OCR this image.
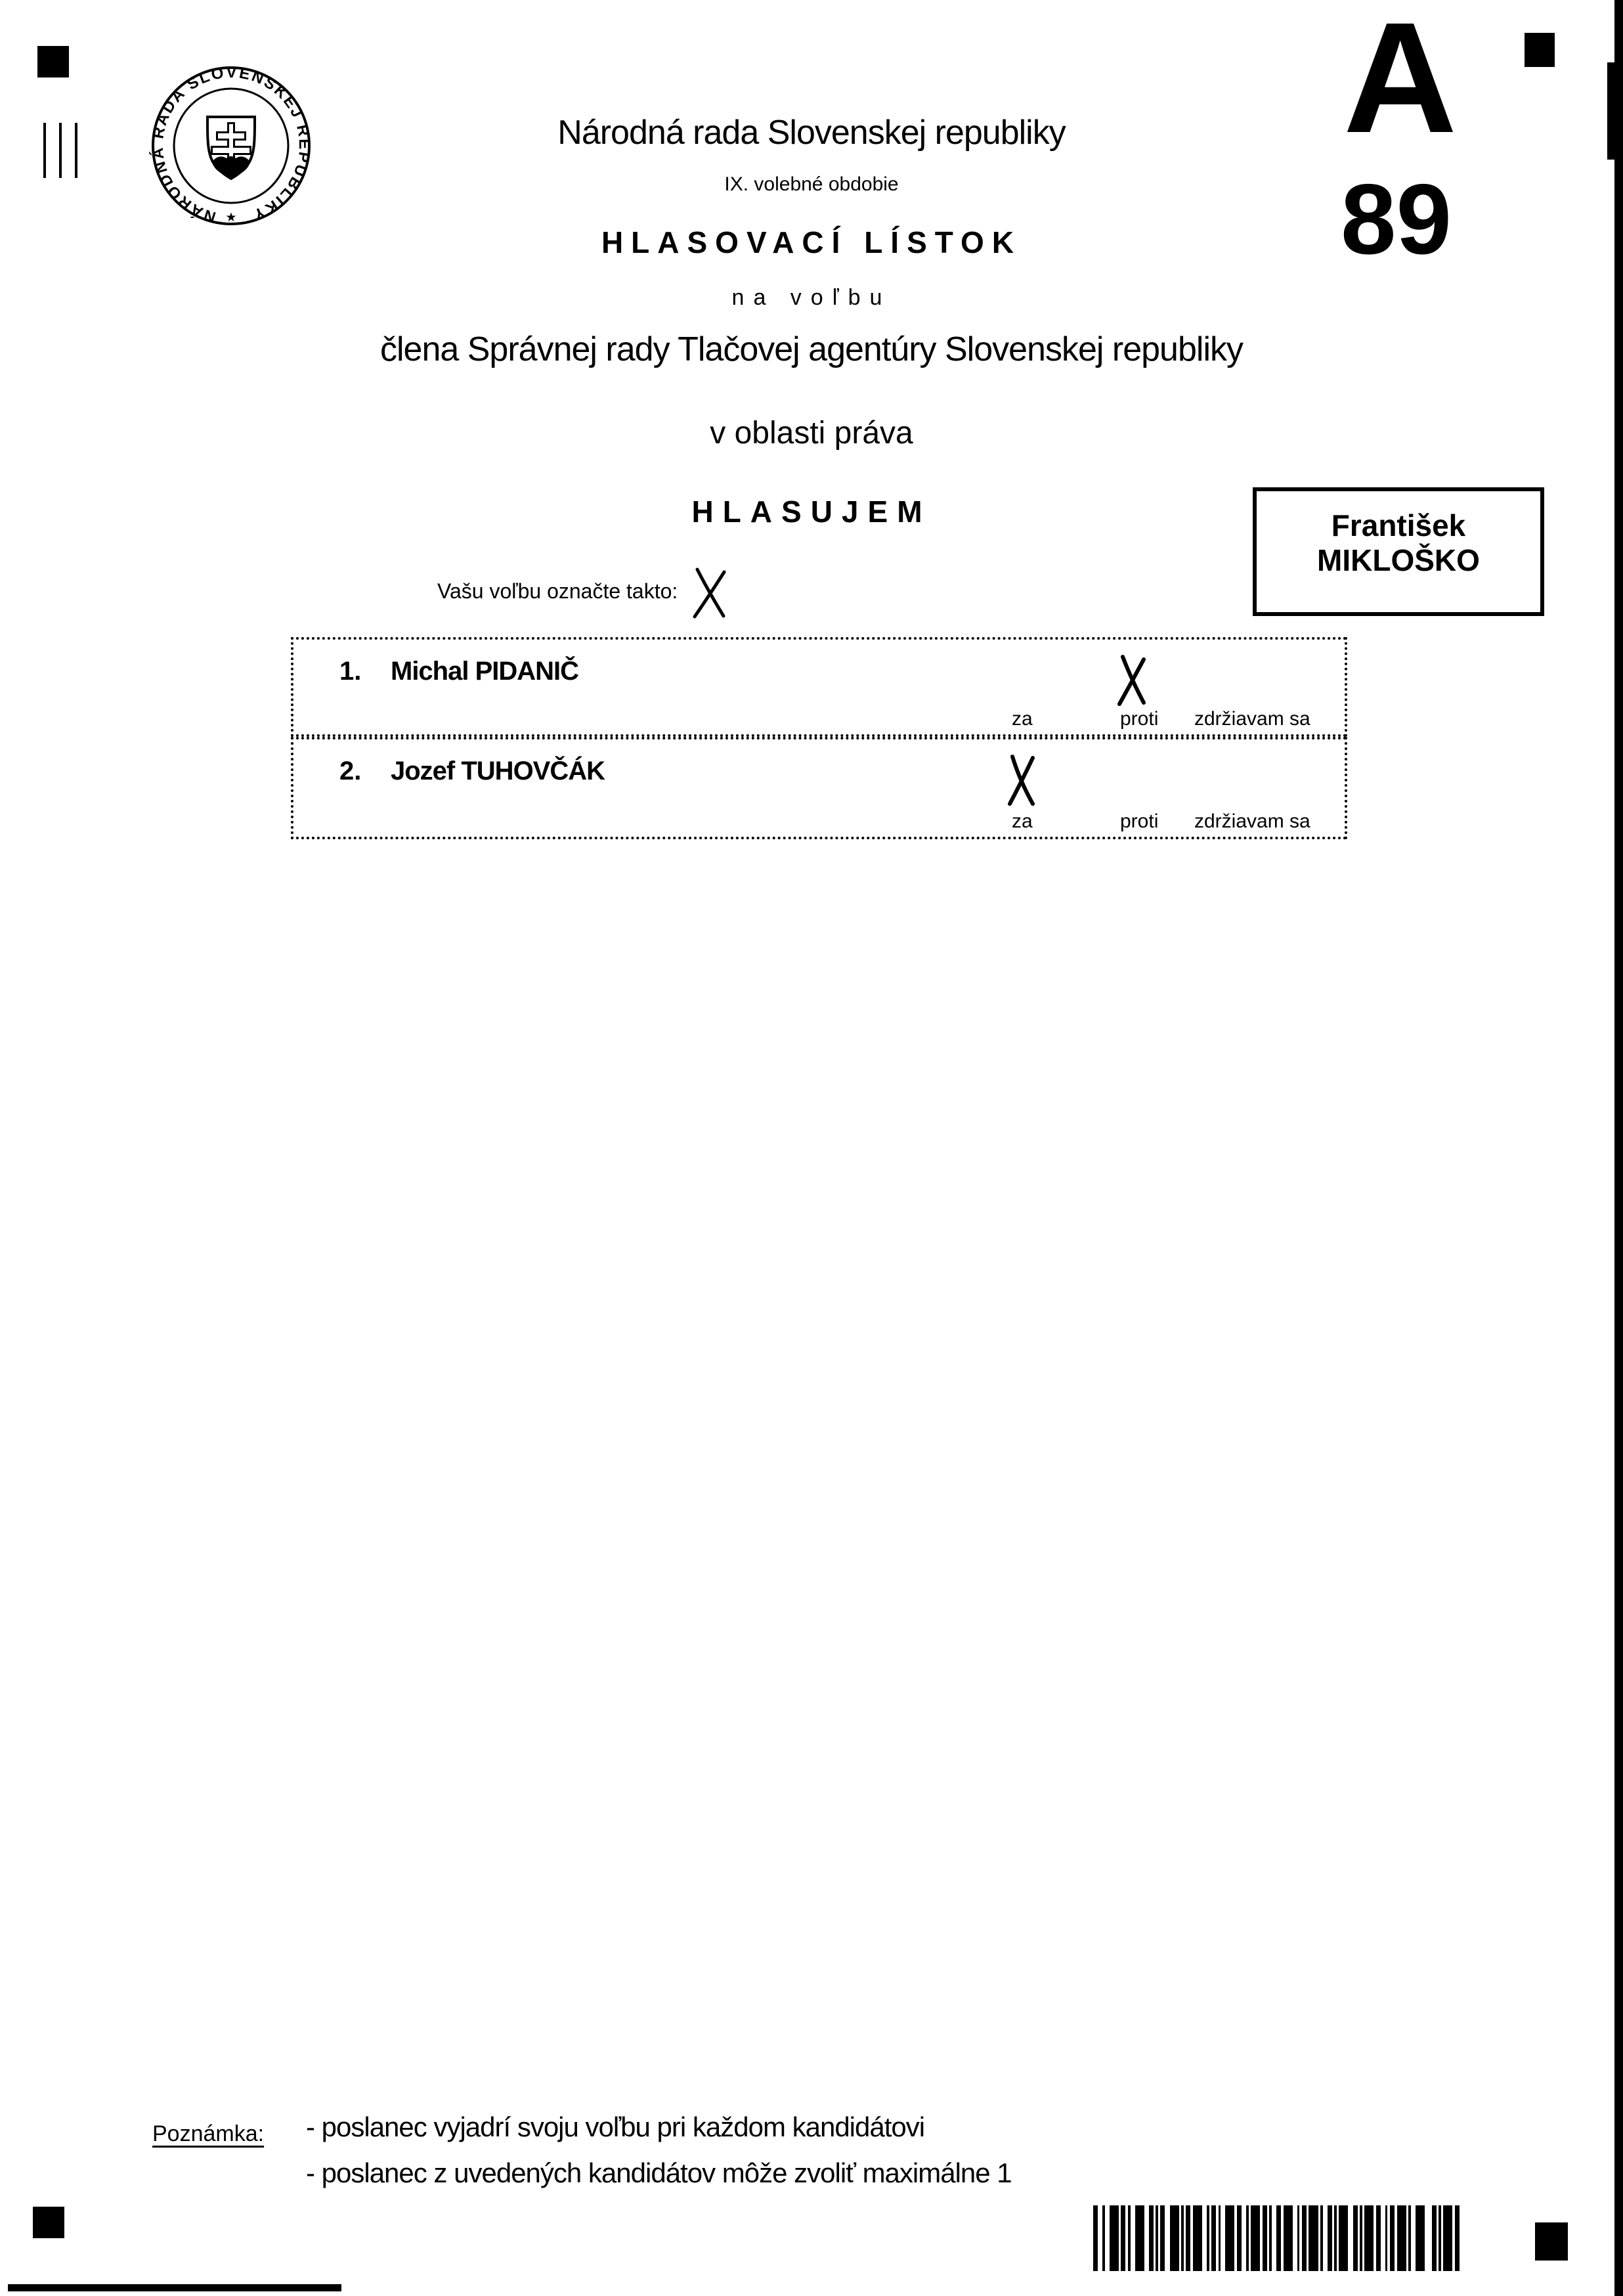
NÁRODNÁ RADA SLOVENSKEJ REPUBLIKY
★
A
89
Národná rada Slovenskej republiky
IX. volebné obdobie
HLASOVACÍ LÍSTOK
na voľbu
člena Správnej rady Tlačovej agentúry Slovenskej republiky
v oblasti práva
HLASUJEM
Vašu voľbu označte takto:
František
MIKLOŠKO
1. Michal PIDANIČ
za	proti zdržiavam sa
2. Jozef TUHOVČÁK
za	proti zdržiavam sa
Poznámka: - poslanec vyjadrí svoju voľbu pri každom kandidátovi
- poslanec z uvedených kandidátov môže zvoliť maximálne 1
